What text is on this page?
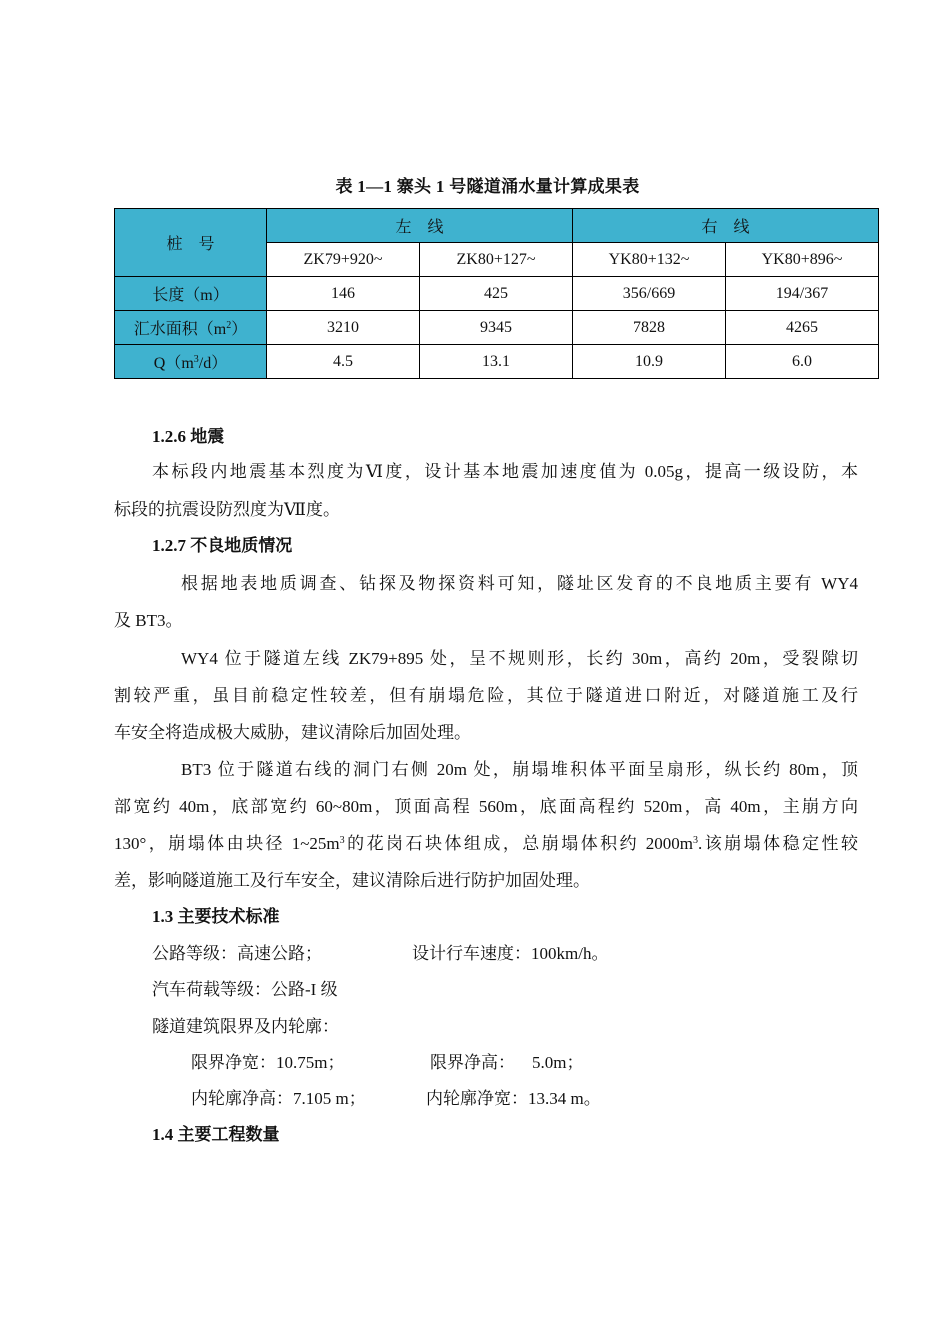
表 1—1 寨头 1 号隧道涌水量计算成果表
桩    号	左    线		右    线	
	ZK79+920~	ZK80+127~	YK80+132~	YK80+896~
长度（m）	146	425	356/669	194/367
汇水面积$(m^2)$	3210	9345	7828	4265
$Q(m^3/d)$	4.5	13.1	10.9	6.0
1.2.6 地震
本标段内地震基本烈度为Ⅵ度，设计基本地震加速度值为 0.05g，提高一级设防，本
标段的抗震设防烈度为Ⅶ度。
1.2.7 不良地质情况
根据地表地质调查、钻探及物探资料可知，隧址区发育的不良地质主要有 WY4
及 BT3。
WY4 位于隧道左线 ZK79+895 处，呈不规则形，长约 30m，高约 20m，受裂隙切
割较严重，虽目前稳定性较差，但有崩塌危险，其位于隧道进口附近，对隧道施工及行
车安全将造成极大威胁，建议清除后加固处理。
BT3 位于隧道右线的洞门右侧 20m 处，崩塌堆积体平面呈扇形，纵长约 80m，顶
部宽约 40m，底部宽约 60~80m，顶面高程 560m，底面高程约 520m，高 40m，主崩方向
130°，崩塌体由块径 $1\sim 25m^3$的花岗石块体组成，总崩塌体积约 $2000m^3$.该崩塌体稳定性较
差，影响隧道施工及行车安全，建议清除后进行防护加固处理。
1.3 主要技术标准
公路等级：高速公路；	设计行车速度：100km/h。
汽车荷载等级：公路-I 级
隧道建筑限界及内轮廓：
限界净宽：10.75m；	限界净高：    5.0m；
内轮廓净高：7.105 m；	内轮廓净宽：13.34 m。
1.4 主要工程数量
